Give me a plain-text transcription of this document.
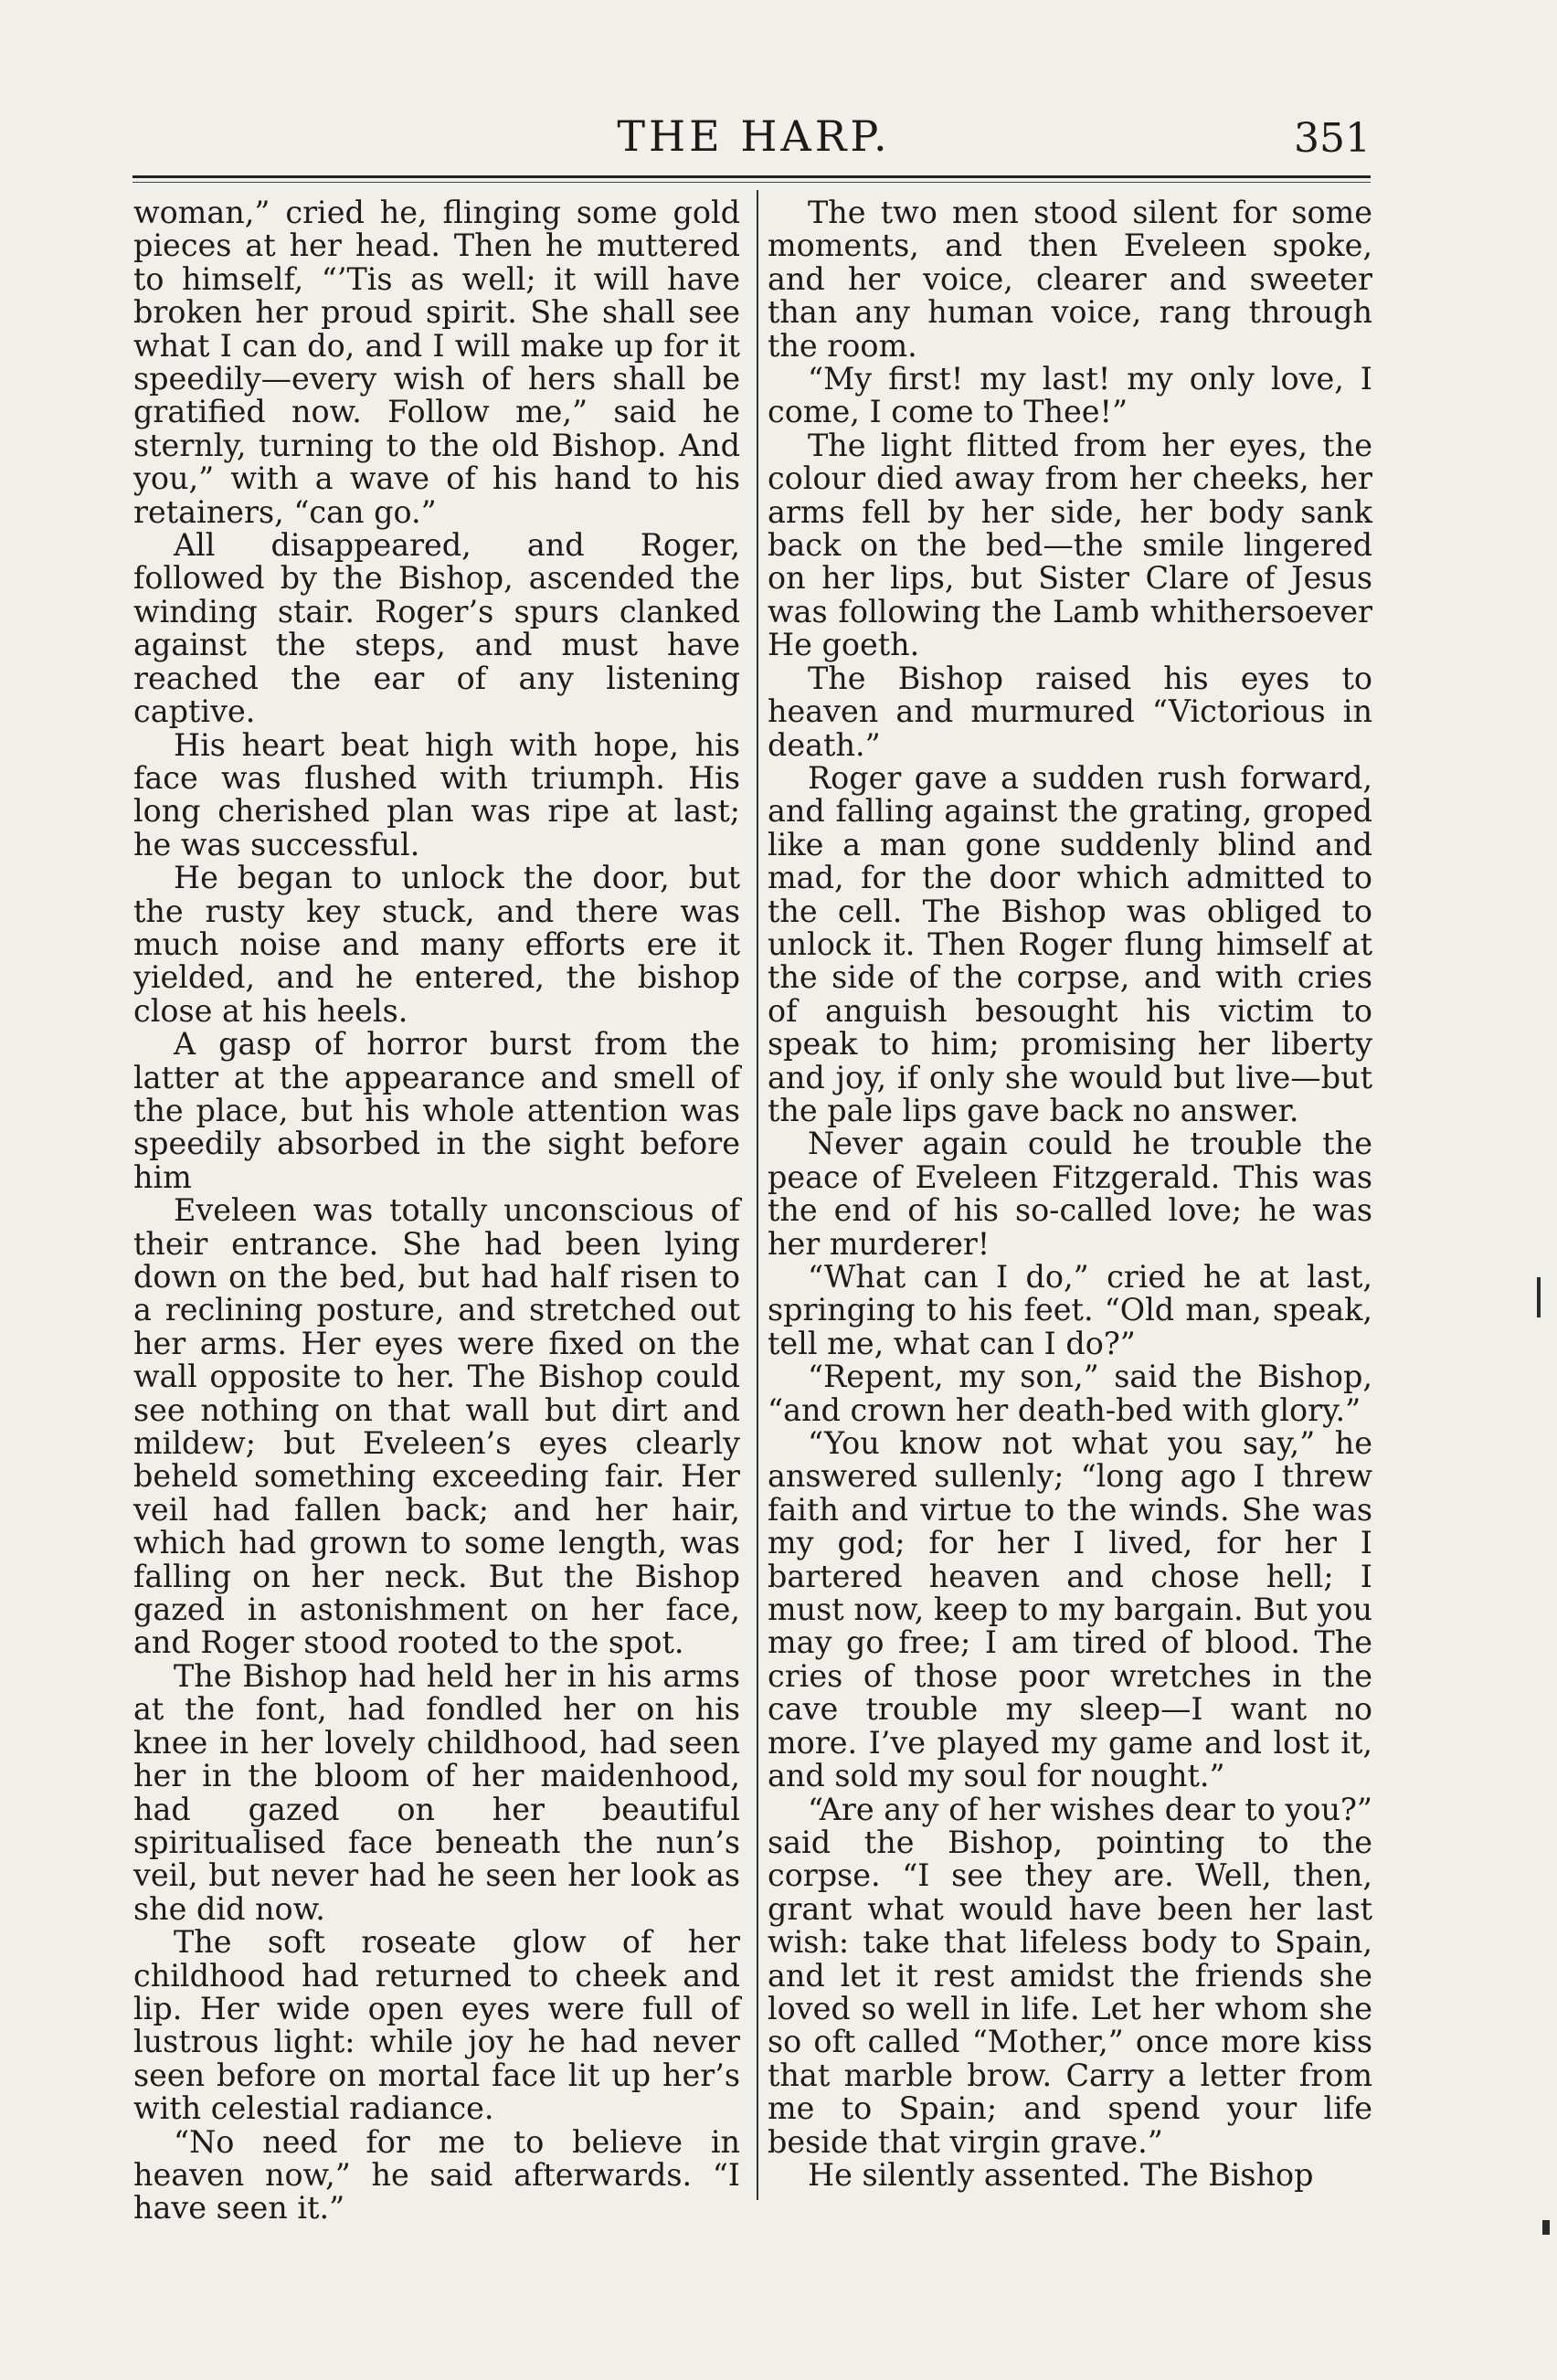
THE HARP.	351

woman,” cried he, flinging some gold pieces at her head. Then he muttered to himself, “’Tis as well; it will have broken her proud spirit. She shall see what I can do, and I will make up for it speedily—every wish of hers shall be gratified now. Follow me,” said he sternly, turning to the old Bishop. And you,” with a wave of his hand to his retainers, “can go.”

All disappeared, and Roger, followed by the Bishop, ascended the winding stair. Roger’s spurs clanked against the steps, and must have reached the ear of any listening captive.

His heart beat high with hope, his face was flushed with triumph. His long cherished plan was ripe at last; he was successful.

He began to unlock the door, but the rusty key stuck, and there was much noise and many efforts ere it yielded, and he entered, the bishop close at his heels.

A gasp of horror burst from the latter at the appearance and smell of the place, but his whole attention was speedily absorbed in the sight before him

Eveleen was totally unconscious of their entrance. She had been lying down on the bed, but had half risen to a reclining posture, and stretched out her arms. Her eyes were fixed on the wall opposite to her. The Bishop could see nothing on that wall but dirt and mildew; but Eveleen’s eyes clearly beheld something exceeding fair. Her veil had fallen back; and her hair, which had grown to some length, was falling on her neck. But the Bishop gazed in astonishment on her face, and Roger stood rooted to the spot.

The Bishop had held her in his arms at the font, had fondled her on his knee in her lovely childhood, had seen her in the bloom of her maidenhood, had gazed on her beautiful spiritualised face beneath the nun’s veil, but never had he seen her look as she did now.

The soft roseate glow of her childhood had returned to cheek and lip. Her wide open eyes were full of lustrous light: while joy he had never seen before on mortal face lit up her’s with celestial radiance.

“No need for me to believe in heaven now,” he said afterwards. “I have seen it.”

The two men stood silent for some moments, and then Eveleen spoke, and her voice, clearer and sweeter than any human voice, rang through the room.

“My first! my last! my only love, I come, I come to Thee!”

The light flitted from her eyes, the colour died away from her cheeks, her arms fell by her side, her body sank back on the bed—the smile lingered on her lips, but Sister Clare of Jesus was following the Lamb whithersoever He goeth.

The Bishop raised his eyes to heaven and murmured “Victorious in death.”

Roger gave a sudden rush forward, and falling against the grating, groped like a man gone suddenly blind and mad, for the door which admitted to the cell. The Bishop was obliged to unlock it. Then Roger flung himself at the side of the corpse, and with cries of anguish besought his victim to speak to him; promising her liberty and joy, if only she would but live—but the pale lips gave back no answer.

Never again could he trouble the peace of Eveleen Fitzgerald. This was the end of his so-called love; he was her murderer!

“What can I do,” cried he at last, springing to his feet. “Old man, speak, tell me, what can I do?”

“Repent, my son,” said the Bishop, “and crown her death-bed with glory.”

“You know not what you say,” he answered sullenly; “long ago I threw faith and virtue to the winds. She was my god; for her I lived, for her I bartered heaven and chose hell; I must now, keep to my bargain. But you may go free; I am tired of blood. The cries of those poor wretches in the cave trouble my sleep—I want no more. I’ve played my game and lost it, and sold my soul for nought.”

“Are any of her wishes dear to you?” said the Bishop, pointing to the corpse. “I see they are. Well, then, grant what would have been her last wish: take that lifeless body to Spain, and let it rest amidst the friends she loved so well in life. Let her whom she so oft called “Mother,” once more kiss that marble brow. Carry a letter from me to Spain; and spend your life beside that virgin grave.”

He silently assented. The Bishop
